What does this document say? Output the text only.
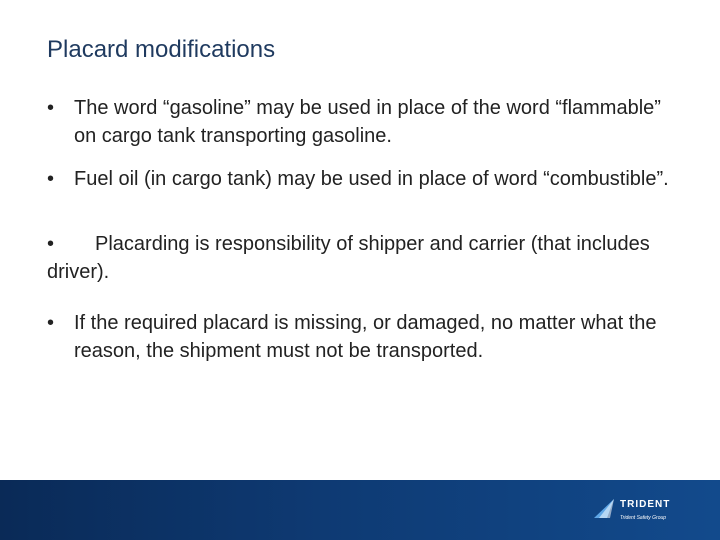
Placard modifications
• The word “gasoline” may be used in place of the word “flammable” on cargo tank transporting gasoline.
• Fuel oil (in cargo tank) may be used in place of word “combustible”.
• Placarding is responsibility of shipper and carrier (that includes driver).
• If the required placard is missing, or damaged, no matter what the reason, the shipment must not be transported.
TRIDENT
Trident Safety Group
